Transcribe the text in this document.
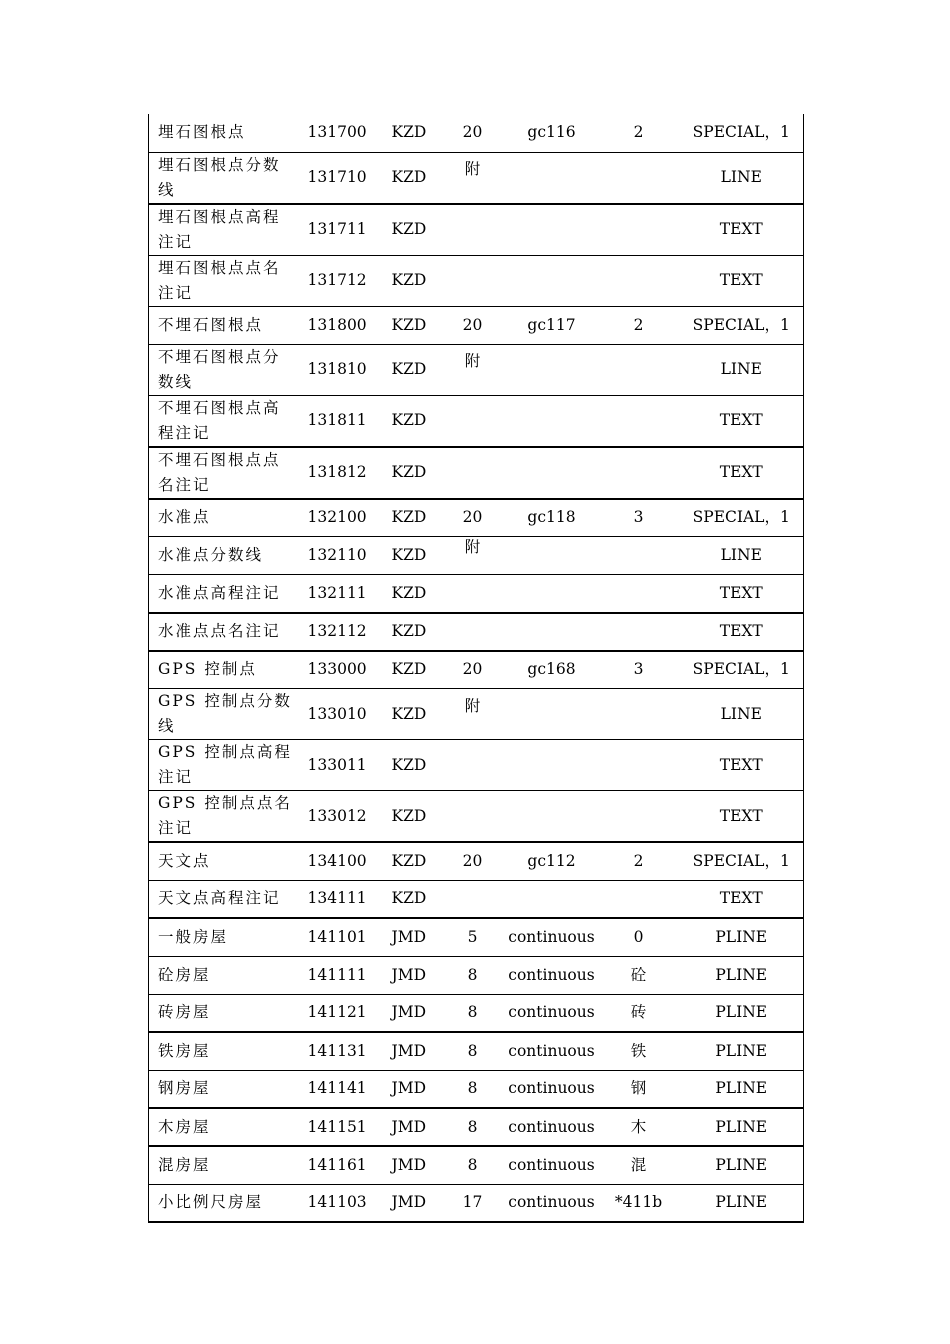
埋石图根点	131700	KZD	20	gc116	2	SPECIAL，1
埋石图根点分数线	131710	KZD	附			LINE
埋石图根点高程注记	131711	KZD				TEXT
埋石图根点点名注记	131712	KZD				TEXT
不埋石图根点	131800	KZD	20	gc117	2	SPECIAL，1
不埋石图根点分数线	131810	KZD	附			LINE
不埋石图根点高程注记	131811	KZD				TEXT
不埋石图根点点名注记	131812	KZD				TEXT
水准点	132100	KZD	20	gc118	3	SPECIAL，1
水准点分数线	132110	KZD	附			LINE
水准点高程注记	132111	KZD				TEXT
水准点点名注记	132112	KZD				TEXT
GPS 控制点	133000	KZD	20	gc168	3	SPECIAL，1
GPS 控制点分数线	133010	KZD	附			LINE
GPS 控制点高程注记	133011	KZD				TEXT
GPS 控制点点名注记	133012	KZD				TEXT
天文点	134100	KZD	20	gc112	2	SPECIAL，1
天文点高程注记	134111	KZD				TEXT
一般房屋	141101	JMD	5	continuous	0	PLINE
砼房屋	141111	JMD	8	continuous	砼	PLINE
砖房屋	141121	JMD	8	continuous	砖	PLINE
铁房屋	141131	JMD	8	continuous	铁	PLINE
钢房屋	141141	JMD	8	continuous	钢	PLINE
木房屋	141151	JMD	8	continuous	木	PLINE
混房屋	141161	JMD	8	continuous	混	PLINE
小比例尺房屋	141103	JMD	17	continuous	*411b	PLINE
